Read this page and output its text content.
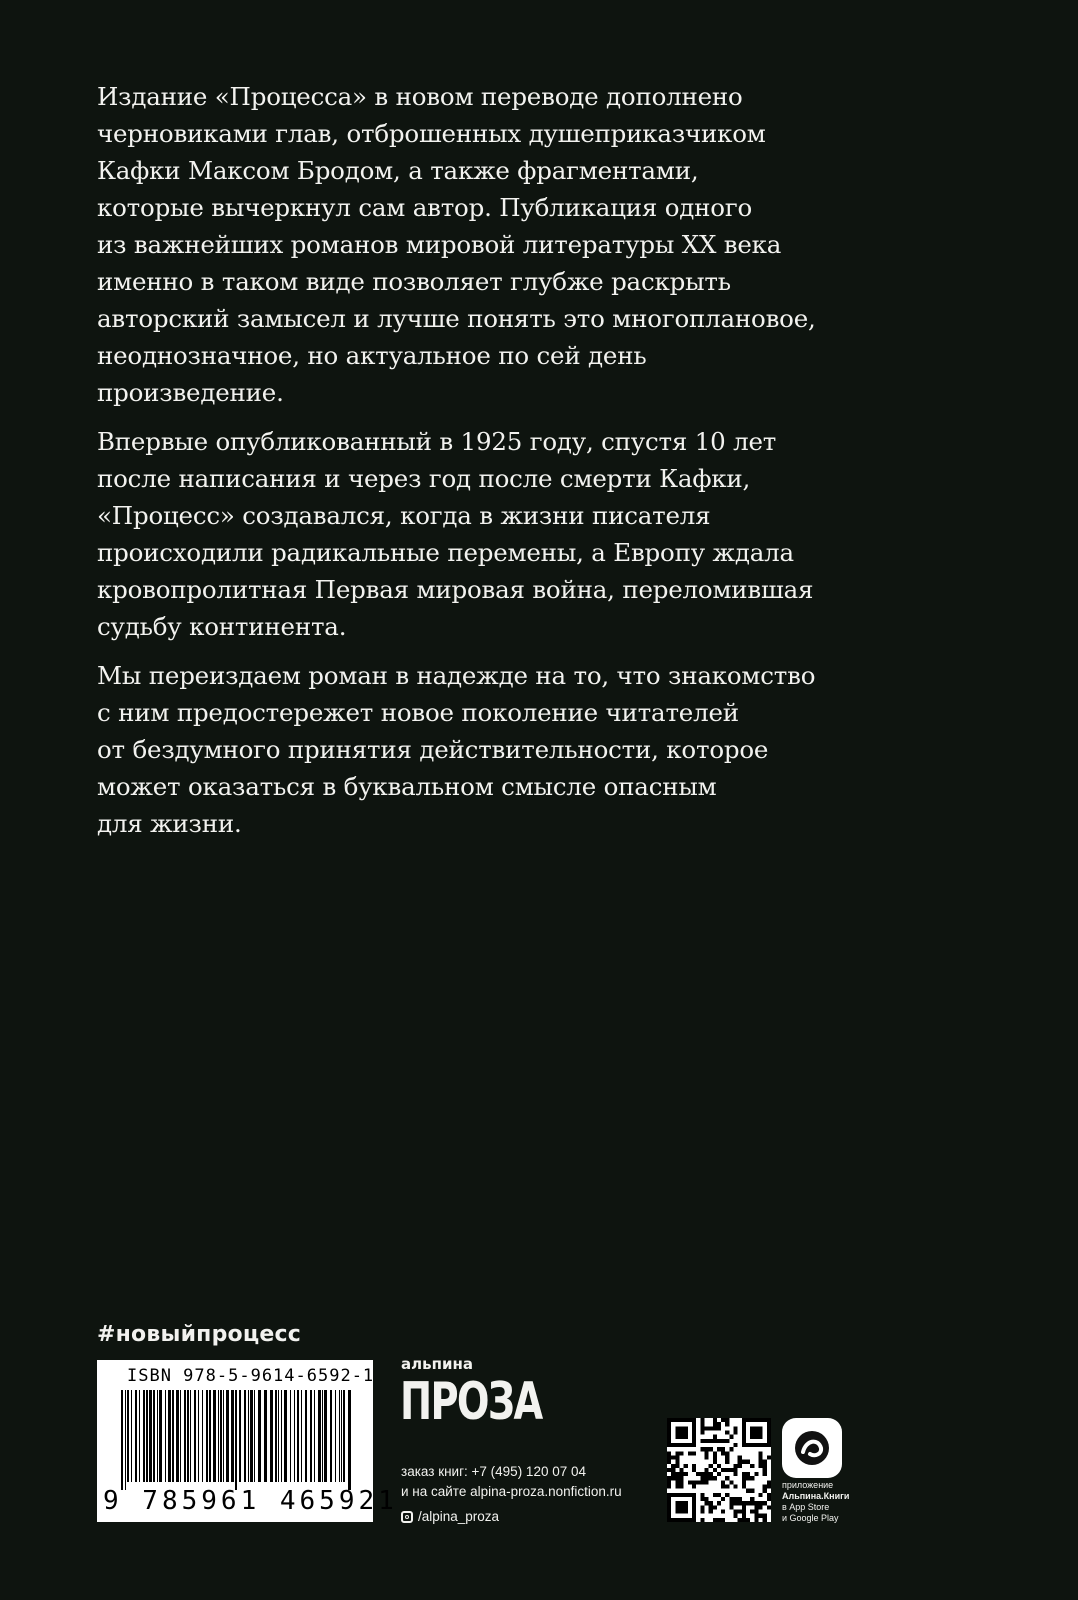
Издание «Процесса» в новом переводе дополнено
черновиками глав, отброшенных душеприказчиком
Кафки Максом Бродом, а также фрагментами,
которые вычеркнул сам автор. Публикация одного
из важнейших романов мировой литературы XX века
именно в таком виде позволяет глубже раскрыть
авторский замысел и лучше понять это многоплановое,
неоднозначное, но актуальное по сей день
произведение.

Впервые опубликованный в 1925 году, спустя 10 лет
после написания и через год после смерти Кафки,
«Процесс» создавался, когда в жизни писателя
происходили радикальные перемены, а Европу ждала
кровопролитная Первая мировая война, переломившая
судьбу континента.

Мы переиздаем роман в надежде на то, что знакомство
с ним предостережет новое поколение читателей
от бездумного принятия действительности, которое
может оказаться в буквальном смысле опасным
для жизни.

#новыйпроцесс
ISBN 978-5-9614-6592-1
9 785961 465921
альпина
ПРОЗА
заказ книг: +7 (495) 120 07 04
и на сайте alpina-proza.nonfiction.ru
/alpina_proza
приложение
Альпина.Книги
в App Store
и Google Play
